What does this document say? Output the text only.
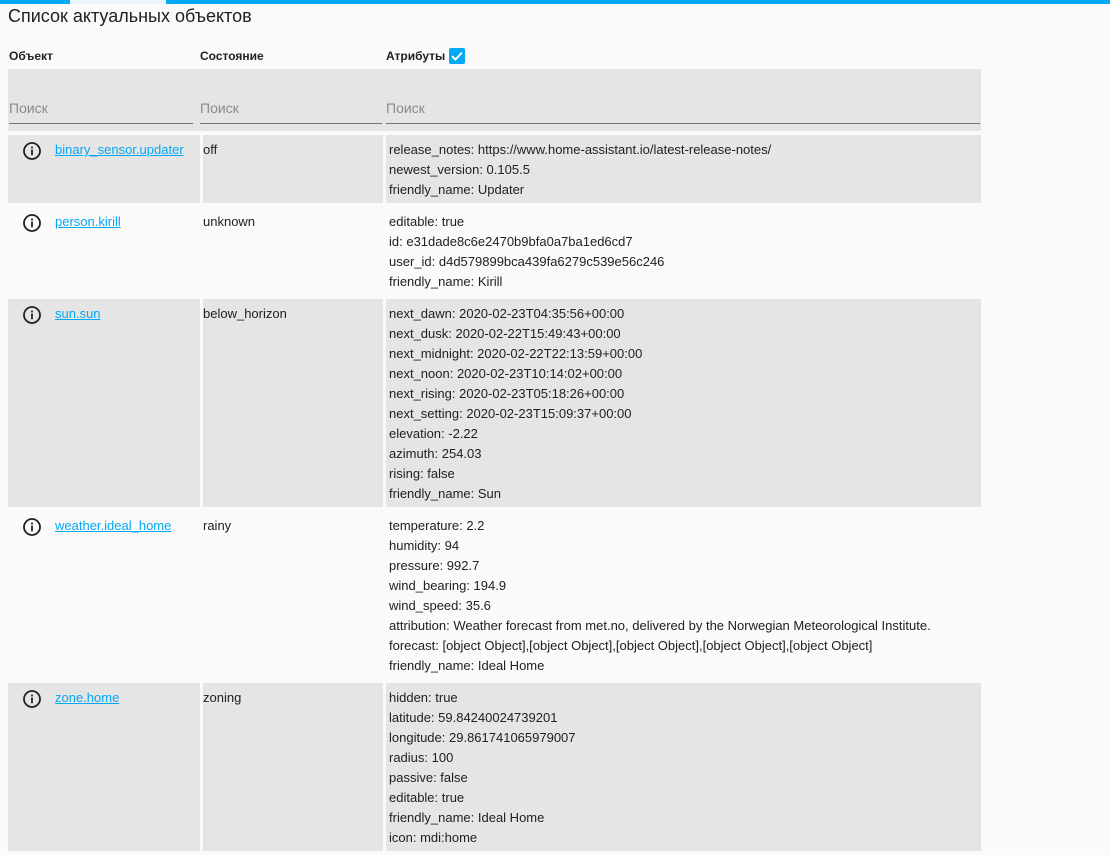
Список актуальных объектов
Объект	Состояние	Атрибуты
Поиск
Поиск
Поиск
binary_sensor.updater off	release_notes: https://www.home-assistant.io/latest-release-notes/
newest_version: 0.105.5
friendly_name: Updater
person.kirill	unknown	editable: true
id: e31dade8c6e2470b9bfa0a7ba1ed6cd7
user_id: d4d579899bca439fa6279c539e56c246
friendly_name: Kirill
sun.sun	below_horizon	next_dawn: 2020-02-23T04:35:56+00:00
next_dusk: 2020-02-22T15:49:43+00:00
next_midnight: 2020-02-22T22:13:59+00:00
next_noon: 2020-02-23T10:14:02+00:00
next_rising: 2020-02-23T05:18:26+00:00
next_setting: 2020-02-23T15:09:37+00:00
elevation: -2.22
azimuth: 254.03
rising: false
friendly_name: Sun
weather.ideal_home rainy	temperature: 2.2
humidity: 94
pressure: 992.7
wind_bearing: 194.9
wind_speed: 35.6
attribution: Weather forecast from met.no, delivered by the Norwegian Meteorological Institute.
forecast: [object Object],[object Object],[object Object],[object Object],[object Object]
friendly_name: Ideal Home
zone.home	zoning	hidden: true
latitude: 59.84240024739201
longitude: 29.861741065979007
radius: 100
passive: false
editable: true
friendly_name: Ideal Home
icon: mdi:home
